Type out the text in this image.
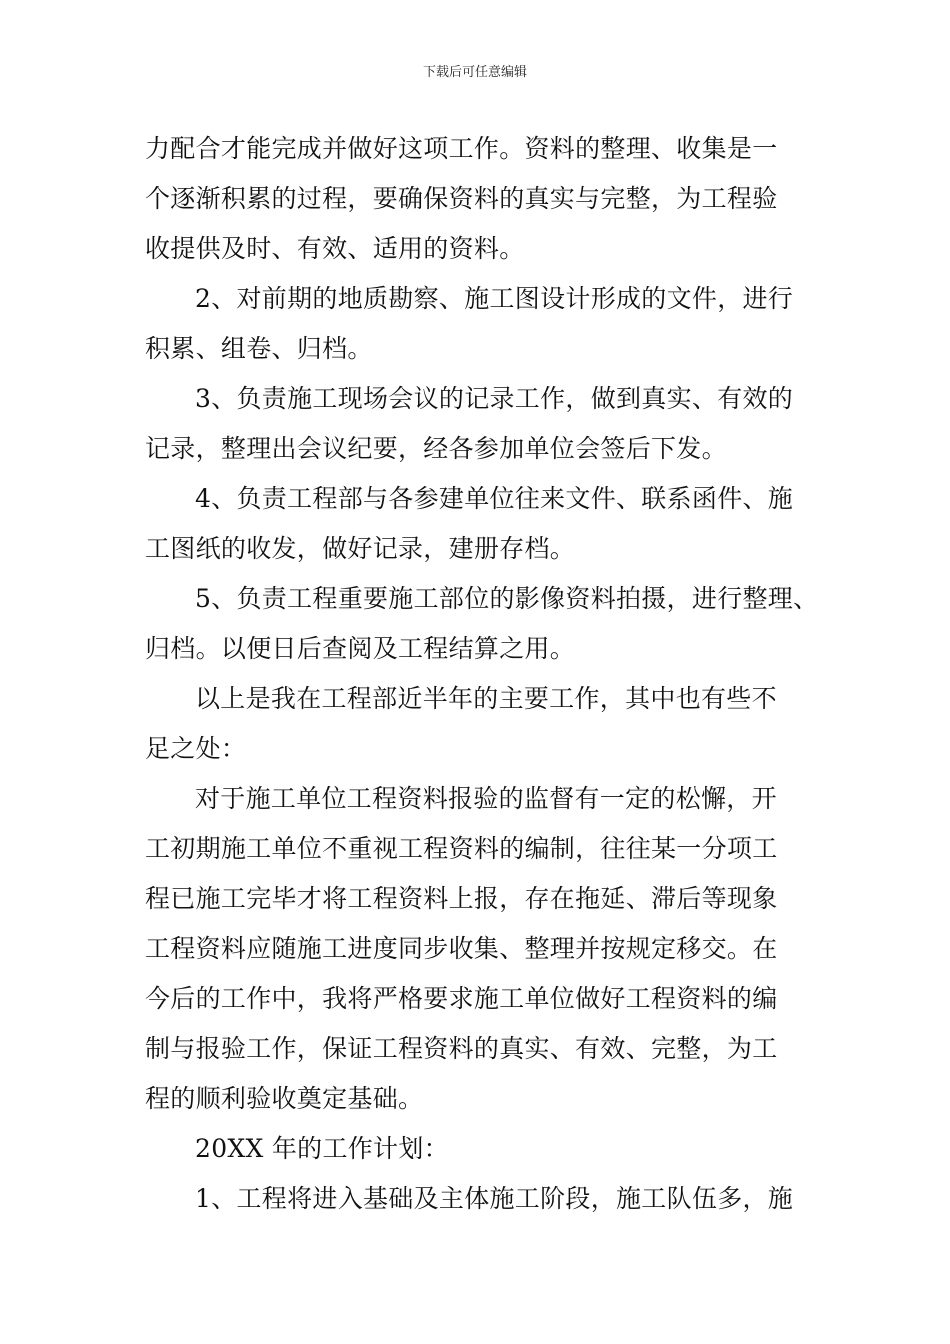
下载后可任意编辑
力配合才能完成并做好这项工作。资料的整理、收集是一
个逐渐积累的过程，要确保资料的真实与完整，为工程验
收提供及时、有效、适用的资料。
2、对前期的地质勘察、施工图设计形成的文件，进行
积累、组卷、归档。
3、负责施工现场会议的记录工作，做到真实、有效的
记录，整理出会议纪要，经各参加单位会签后下发。
4、负责工程部与各参建单位往来文件、联系函件、施
工图纸的收发，做好记录，建册存档。
5、负责工程重要施工部位的影像资料拍摄，进行整理、
归档。以便日后查阅及工程结算之用。
以上是我在工程部近半年的主要工作，其中也有些不
足之处：
对于施工单位工程资料报验的监督有一定的松懈，开
工初期施工单位不重视工程资料的编制，往往某一分项工
程已施工完毕才将工程资料上报，存在拖延、滞后等现象
工程资料应随施工进度同步收集、整理并按规定移交。在
今后的工作中，我将严格要求施工单位做好工程资料的编
制与报验工作，保证工程资料的真实、有效、完整，为工
程的顺利验收奠定基础。
20XX 年的工作计划：
1、工程将进入基础及主体施工阶段，施工队伍多，施
